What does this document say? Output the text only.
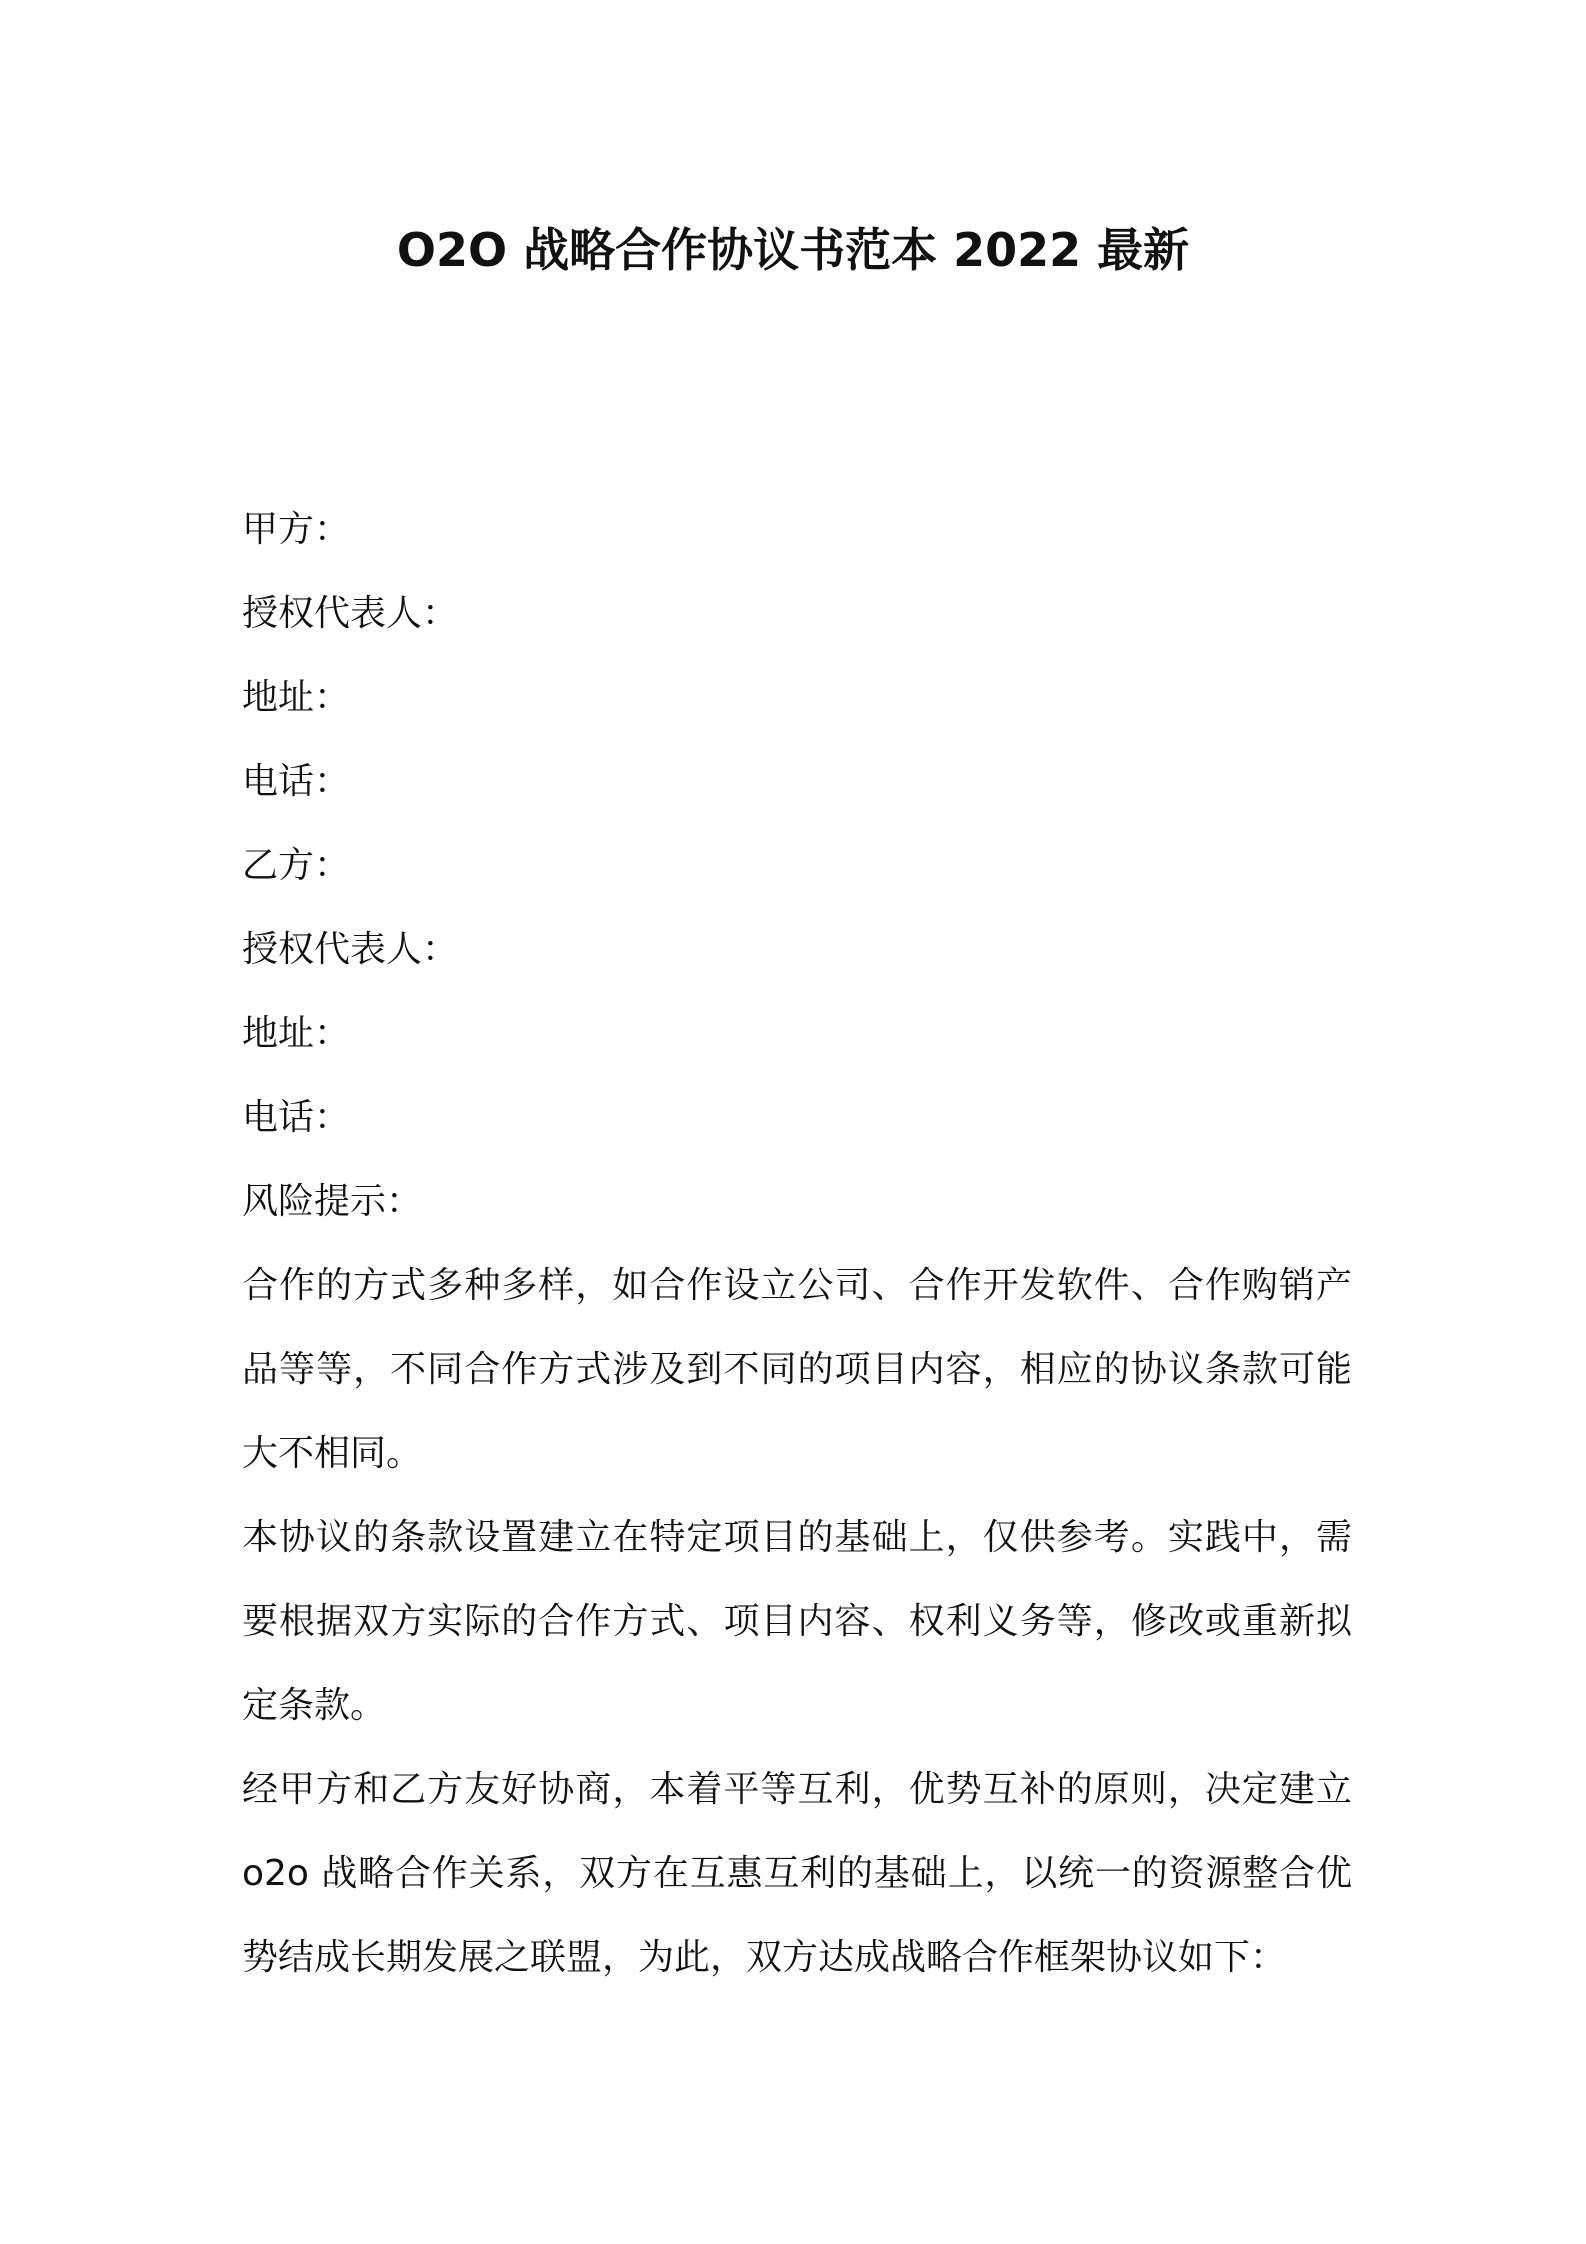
O2O 战略合作协议书范本 2022 最新

甲方：

授权代表人：

地址：

电话：

乙方：

授权代表人：

地址：

电话：

风险提示：

合作的方式多种多样，如合作设立公司、合作开发软件、合作购销产品等等，不同合作方式涉及到不同的项目内容，相应的协议条款可能大不相同。

本协议的条款设置建立在特定项目的基础上，仅供参考。实践中，需要根据双方实际的合作方式、项目内容、权利义务等，修改或重新拟定条款。

经甲方和乙方友好协商，本着平等互利，优势互补的原则，决定建立 o2o 战略合作关系，双方在互惠互利的基础上，以统一的资源整合优势结成长期发展之联盟，为此，双方达成战略合作框架协议如下：
